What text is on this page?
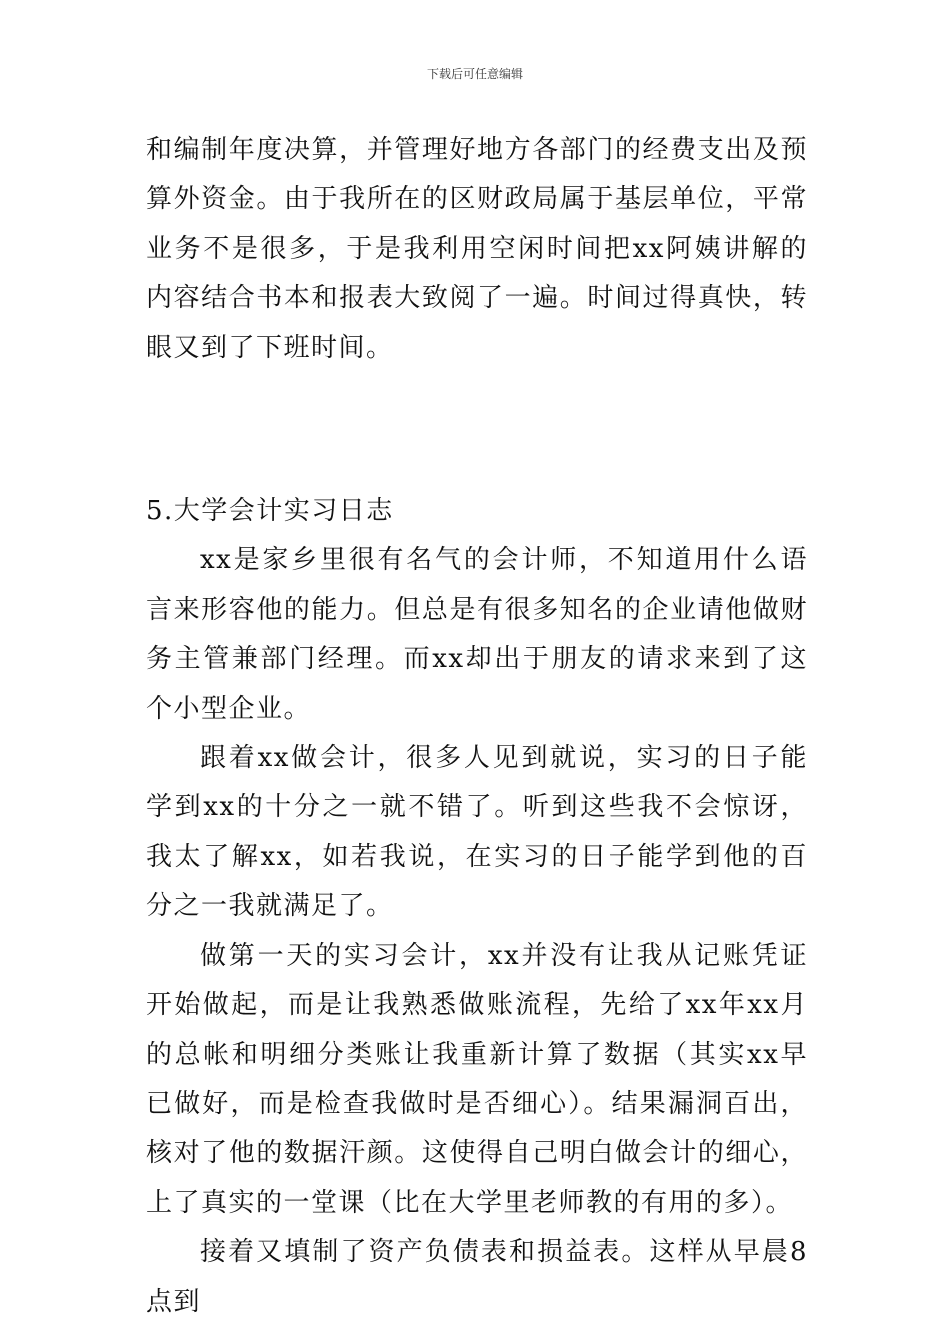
下载后可任意编辑

和编制年度决算，并管理好地方各部门的经费支出及预算外资金。由于我所在的区财政局属于基层单位，平常业务不是很多，于是我利用空闲时间把xx阿姨讲解的内容结合书本和报表大致阅了一遍。时间过得真快，转眼又到了下班时间。

5.大学会计实习日志

xx是家乡里很有名气的会计师，不知道用什么语言来形容他的能力。但总是有很多知名的企业请他做财务主管兼部门经理。而xx却出于朋友的请求来到了这个小型企业。

跟着xx做会计，很多人见到就说，实习的日子能学到xx的十分之一就不错了。听到这些我不会惊讶，我太了解xx，如若我说，在实习的日子能学到他的百分之一我就满足了。

做第一天的实习会计，xx并没有让我从记账凭证开始做起，而是让我熟悉做账流程，先给了xx年xx月的总帐和明细分类账让我重新计算了数据（其实xx早已做好，而是检查我做时是否细心）。结果漏洞百出，核对了他的数据汗颜。这使得自己明白做会计的细心，上了真实的一堂课（比在大学里老师教的有用的多）。

接着又填制了资产负债表和损益表。这样从早晨8点到
